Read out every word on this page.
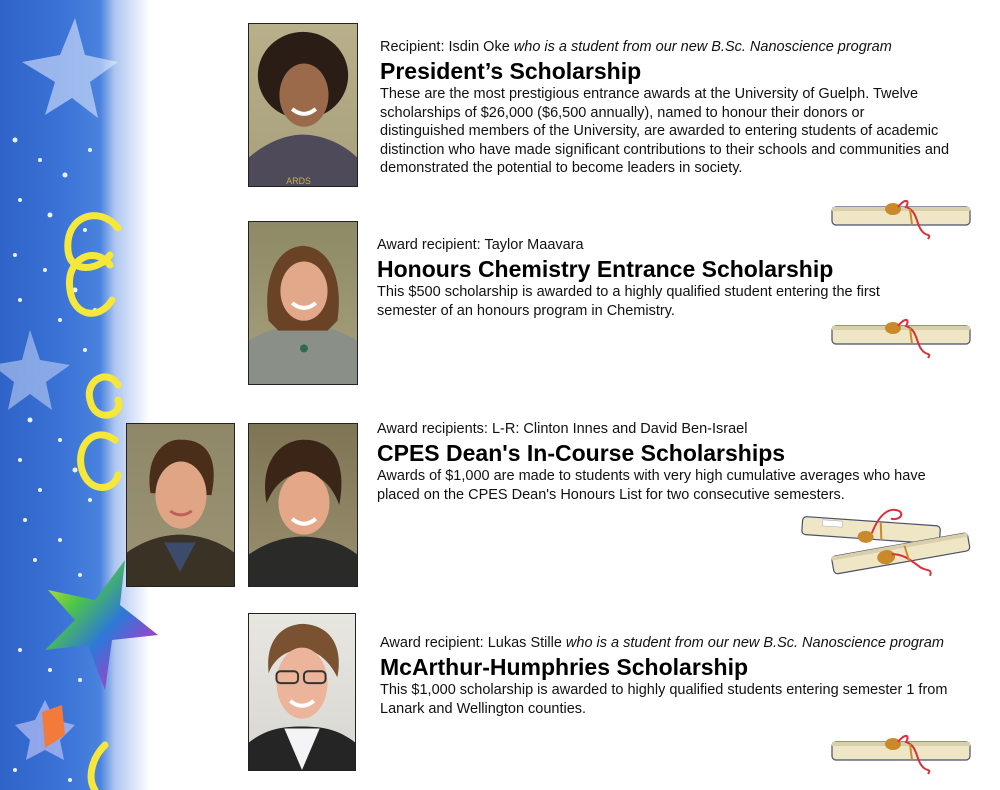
ARDS
Recipient: Isdin Oke who is a student from our new B.Sc. Nanoscience program
President’s Scholarship
These are the most prestigious entrance awards at the University of Guelph. Twelve scholarships of $26,000 ($6,500 annually), named to honour their donors or distinguished members of the University, are awarded to entering students of academic distinction who have made significant contributions to their schools and communities and demonstrated the potential to become leaders in society.
Award recipient: Taylor Maavara
Honours Chemistry Entrance Scholarship
This $500 scholarship is awarded to a highly qualified student entering the first semester of an honours program in Chemistry.
Award recipients: L-R: Clinton Innes and David Ben-Israel
CPES Dean's In-Course Scholarships
Awards of $1,000 are made to students with very high cumulative averages who have placed on the CPES Dean's Honours List for two consecutive semesters.
Award recipient: Lukas Stille who is a student from our new B.Sc. Nanoscience program
McArthur-Humphries Scholarship
This $1,000 scholarship is awarded to highly qualified students entering semester 1 from Lanark and Wellington counties.
